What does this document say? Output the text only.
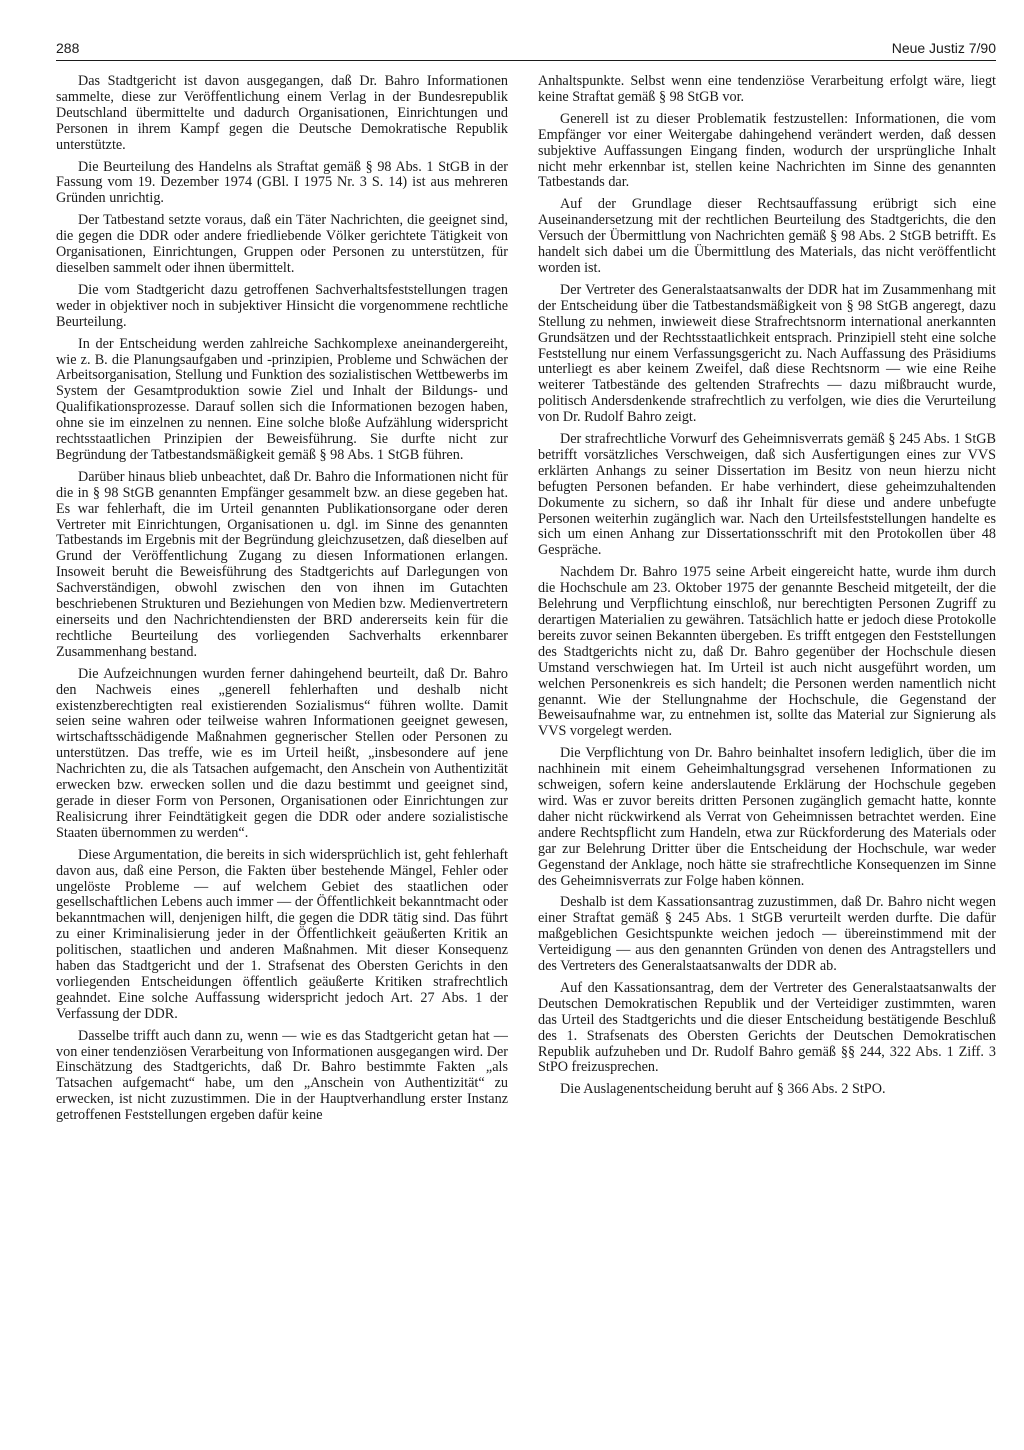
288	Neue Justiz 7/90

Das Stadtgericht ist davon ausgegangen, daß Dr. Bahro Informationen sammelte, diese zur Veröffentlichung einem Verlag in der Bundesrepublik Deutschland übermittelte und dadurch Organisationen, Einrichtungen und Personen in ihrem Kampf gegen die Deutsche Demokratische Republik unterstützte.

Die Beurteilung des Handelns als Straftat gemäß § 98 Abs. 1 StGB in der Fassung vom 19. Dezember 1974 (GBl. I 1975 Nr. 3 S. 14) ist aus mehreren Gründen unrichtig.

Der Tatbestand setzte voraus, daß ein Täter Nachrichten, die geeignet sind, die gegen die DDR oder andere friedliebende Völker gerichtete Tätigkeit von Organisationen, Einrichtungen, Gruppen oder Personen zu unterstützen, für dieselben sammelt oder ihnen übermittelt.

Die vom Stadtgericht dazu getroffenen Sachverhaltsfeststellungen tragen weder in objektiver noch in subjektiver Hinsicht die vorgenommene rechtliche Beurteilung.

In der Entscheidung werden zahlreiche Sachkomplexe aneinandergereiht, wie z. B. die Planungsaufgaben und -prinzipien, Probleme und Schwächen der Arbeitsorganisation, Stellung und Funktion des sozialistischen Wettbewerbs im System der Gesamtproduktion sowie Ziel und Inhalt der Bildungs- und Qualifikationsprozesse. Darauf sollen sich die Informationen bezogen haben, ohne sie im einzelnen zu nennen. Eine solche bloße Aufzählung widerspricht rechtsstaatlichen Prinzipien der Beweisführung. Sie durfte nicht zur Begründung der Tatbestandsmäßigkeit gemäß § 98 Abs. 1 StGB führen.

Darüber hinaus blieb unbeachtet, daß Dr. Bahro die Informationen nicht für die in § 98 StGB genannten Empfänger gesammelt bzw. an diese gegeben hat. Es war fehlerhaft, die im Urteil genannten Publikationsorgane oder deren Vertreter mit Einrichtungen, Organisationen u. dgl. im Sinne des genannten Tatbestands im Ergebnis mit der Begründung gleichzusetzen, daß dieselben auf Grund der Veröffentlichung Zugang zu diesen Informationen erlangen. Insoweit beruht die Beweisführung des Stadtgerichts auf Darlegungen von Sachverständigen, obwohl zwischen den von ihnen im Gutachten beschriebenen Strukturen und Beziehungen von Medien bzw. Medienvertretern einerseits und den Nachrichtendiensten der BRD andererseits kein für die rechtliche Beurteilung des vorliegenden Sachverhalts erkennbarer Zusammenhang bestand.

Die Aufzeichnungen wurden ferner dahingehend beurteilt, daß Dr. Bahro den Nachweis eines „generell fehlerhaften und deshalb nicht existenzberechtigten real existierenden Sozialismus“ führen wollte. Damit seien seine wahren oder teilweise wahren Informationen geeignet gewesen, wirtschaftsschädigende Maßnahmen gegnerischer Stellen oder Personen zu unterstützen. Das treffe, wie es im Urteil heißt, „insbesondere auf jene Nachrichten zu, die als Tatsachen aufgemacht, den Anschein von Authentizität erwecken bzw. erwecken sollen und die dazu bestimmt und geeignet sind, gerade in dieser Form von Personen, Organisationen oder Einrichtungen zur Realisicrung ihrer Feindtätigkeit gegen die DDR oder andere sozialistische Staaten übernommen zu werden“.

Diese Argumentation, die bereits in sich widersprüchlich ist, geht fehlerhaft davon aus, daß eine Person, die Fakten über bestehende Mängel, Fehler oder ungelöste Probleme — auf welchem Gebiet des staatlichen oder gesellschaftlichen Lebens auch immer — der Öffentlichkeit bekanntmacht oder bekanntmachen will, denjenigen hilft, die gegen die DDR tätig sind. Das führt zu einer Kriminalisierung jeder in der Öffentlichkeit geäußerten Kritik an politischen, staatlichen und anderen Maßnahmen. Mit dieser Konsequenz haben das Stadtgericht und der 1. Strafsenat des Obersten Gerichts in den vorliegenden Entscheidungen öffentlich geäußerte Kritiken strafrechtlich geahndet. Eine solche Auffassung widerspricht jedoch Art. 27 Abs. 1 der Verfassung der DDR.

Dasselbe trifft auch dann zu, wenn — wie es das Stadtgericht getan hat — von einer tendenziösen Verarbeitung von Informationen ausgegangen wird. Der Einschätzung des Stadtgerichts, daß Dr. Bahro bestimmte Fakten „als Tatsachen aufgemacht“ habe, um den „Anschein von Authentizität“ zu erwecken, ist nicht zuzustimmen. Die in der Hauptverhandlung erster Instanz getroffenen Feststellungen ergeben dafür keine

Anhaltspunkte. Selbst wenn eine tendenziöse Verarbeitung erfolgt wäre, liegt keine Straftat gemäß § 98 StGB vor.

Generell ist zu dieser Problematik festzustellen: Informationen, die vom Empfänger vor einer Weitergabe dahingehend verändert werden, daß dessen subjektive Auffassungen Eingang finden, wodurch der ursprüngliche Inhalt nicht mehr erkennbar ist, stellen keine Nachrichten im Sinne des genannten Tatbestands dar.

Auf der Grundlage dieser Rechtsauffassung erübrigt sich eine Auseinandersetzung mit der rechtlichen Beurteilung des Stadtgerichts, die den Versuch der Übermittlung von Nachrichten gemäß § 98 Abs. 2 StGB betrifft. Es handelt sich dabei um die Übermittlung des Materials, das nicht veröffentlicht worden ist.

Der Vertreter des Generalstaatsanwalts der DDR hat im Zusammenhang mit der Entscheidung über die Tatbestandsmäßigkeit von § 98 StGB angeregt, dazu Stellung zu nehmen, inwieweit diese Strafrechtsnorm international anerkannten Grundsätzen und der Rechtsstaatlichkeit entsprach. Prinzipiell steht eine solche Feststellung nur einem Verfassungsgericht zu. Nach Auffassung des Präsidiums unterliegt es aber keinem Zweifel, daß diese Rechtsnorm — wie eine Reihe weiterer Tatbestände des geltenden Strafrechts — dazu mißbraucht wurde, politisch Andersdenkende strafrechtlich zu verfolgen, wie dies die Verurteilung von Dr. Rudolf Bahro zeigt.

Der strafrechtliche Vorwurf des Geheimnisverrats gemäß § 245 Abs. 1 StGB betrifft vorsätzliches Verschweigen, daß sich Ausfertigungen eines zur VVS erklärten Anhangs zu seiner Dissertation im Besitz von neun hierzu nicht befugten Personen befanden. Er habe verhindert, diese geheimzuhaltenden Dokumente zu sichern, so daß ihr Inhalt für diese und andere unbefugte Personen weiterhin zugänglich war. Nach den Urteilsfeststellungen handelte es sich um einen Anhang zur Dissertationsschrift mit den Protokollen über 48 Gespräche.

Nachdem Dr. Bahro 1975 seine Arbeit eingereicht hatte, wurde ihm durch die Hochschule am 23. Oktober 1975 der genannte Bescheid mitgeteilt, der die Belehrung und Verpflichtung einschloß, nur berechtigten Personen Zugriff zu derartigen Materialien zu gewähren. Tatsächlich hatte er jedoch diese Protokolle bereits zuvor seinen Bekannten übergeben. Es trifft entgegen den Feststellungen des Stadtgerichts nicht zu, daß Dr. Bahro gegenüber der Hochschule diesen Umstand verschwiegen hat. Im Urteil ist auch nicht ausgeführt worden, um welchen Personenkreis es sich handelt; die Personen werden namentlich nicht genannt. Wie der Stellungnahme der Hochschule, die Gegenstand der Beweisaufnahme war, zu entnehmen ist, sollte das Material zur Signierung als VVS vorgelegt werden.

Die Verpflichtung von Dr. Bahro beinhaltet insofern lediglich, über die im nachhinein mit einem Geheimhaltungsgrad versehenen Informationen zu schweigen, sofern keine anderslautende Erklärung der Hochschule gegeben wird. Was er zuvor bereits dritten Personen zugänglich gemacht hatte, konnte daher nicht rückwirkend als Verrat von Geheimnissen betrachtet werden. Eine andere Rechtspflicht zum Handeln, etwa zur Rückforderung des Materials oder gar zur Belehrung Dritter über die Entscheidung der Hochschule, war weder Gegenstand der Anklage, noch hätte sie strafrechtliche Konsequenzen im Sinne des Geheimnisverrats zur Folge haben können.

Deshalb ist dem Kassationsantrag zuzustimmen, daß Dr. Bahro nicht wegen einer Straftat gemäß § 245 Abs. 1 StGB verurteilt werden durfte. Die dafür maßgeblichen Gesichtspunkte weichen jedoch — übereinstimmend mit der Verteidigung — aus den genannten Gründen von denen des Antragstellers und des Vertreters des Generalstaatsanwalts der DDR ab.

Auf den Kassationsantrag, dem der Vertreter des Generalstaatsanwalts der Deutschen Demokratischen Republik und der Verteidiger zustimmten, waren das Urteil des Stadtgerichts und die dieser Entscheidung bestätigende Beschluß des 1. Strafsenats des Obersten Gerichts der Deutschen Demokratischen Republik aufzuheben und Dr. Rudolf Bahro gemäß §§ 244, 322 Abs. 1 Ziff. 3 StPO freizusprechen.

Die Auslagenentscheidung beruht auf § 366 Abs. 2 StPO.
